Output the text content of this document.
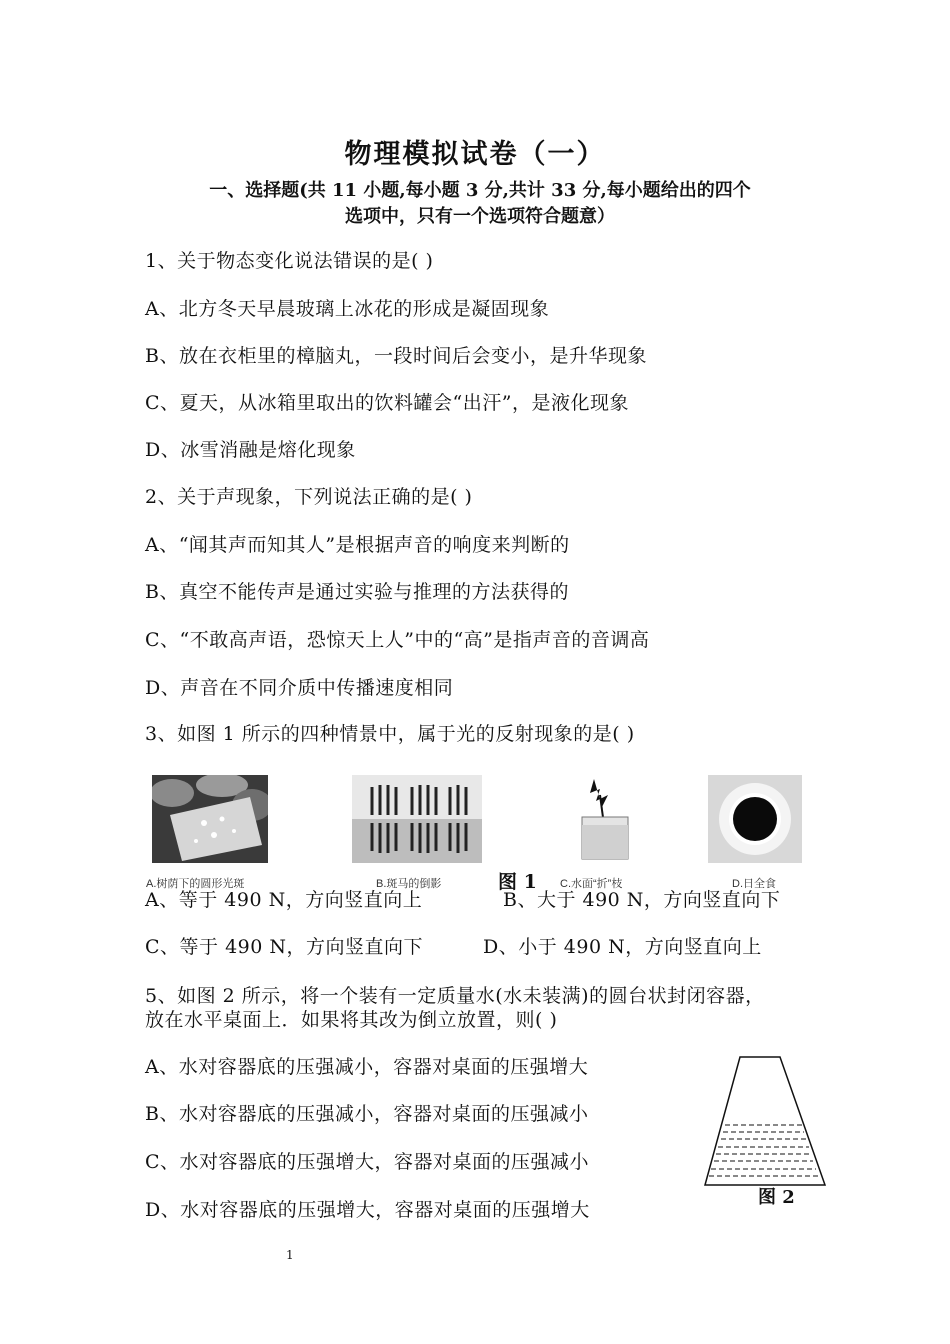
物理模拟试卷（一）
一、选择题(共 11 小题,每小题 3 分,共计 33 分,每小题给出的四个
选项中，只有一个选项符合题意）
1、关于物态变化说法错误的是( )
A、北方冬天早晨玻璃上冰花的形成是凝固现象
B、放在衣柜里的樟脑丸，一段时间后会变小，是升华现象
C、夏天，从冰箱里取出的饮料罐会“出汗”，是液化现象
D、冰雪消融是熔化现象
2、关于声现象，下列说法正确的是( )
A、“闻其声而知其人”是根据声音的响度来判断的
B、真空不能传声是通过实验与推理的方法获得的
C、“不敢高声语，恐惊天上人”中的“高”是指声音的音调高
D、声音在不同介质中传播速度相同
3、如图 1 所示的四种情景中，属于光的反射现象的是( )
A.树荫下的圆形光斑	B.斑马的倒影	图 1 C.水面“折”枝	D.日全食
A、等于 490 N，方向竖直向上	B、大于 490 N，方向竖直向下
C、等于 490 N，方向竖直向下	D、小于 490 N，方向竖直向上
5、如图 2 所示，将一个装有一定质量水(水未装满)的圆台状封闭容器，
放在水平桌面上．如果将其改为倒立放置，则( )
A、水对容器底的压强减小，容器对桌面的压强增大
B、水对容器底的压强减小，容器对桌面的压强减小
C、水对容器底的压强增大，容器对桌面的压强减小
D、水对容器底的压强增大，容器对桌面的压强增大
图 2
1
